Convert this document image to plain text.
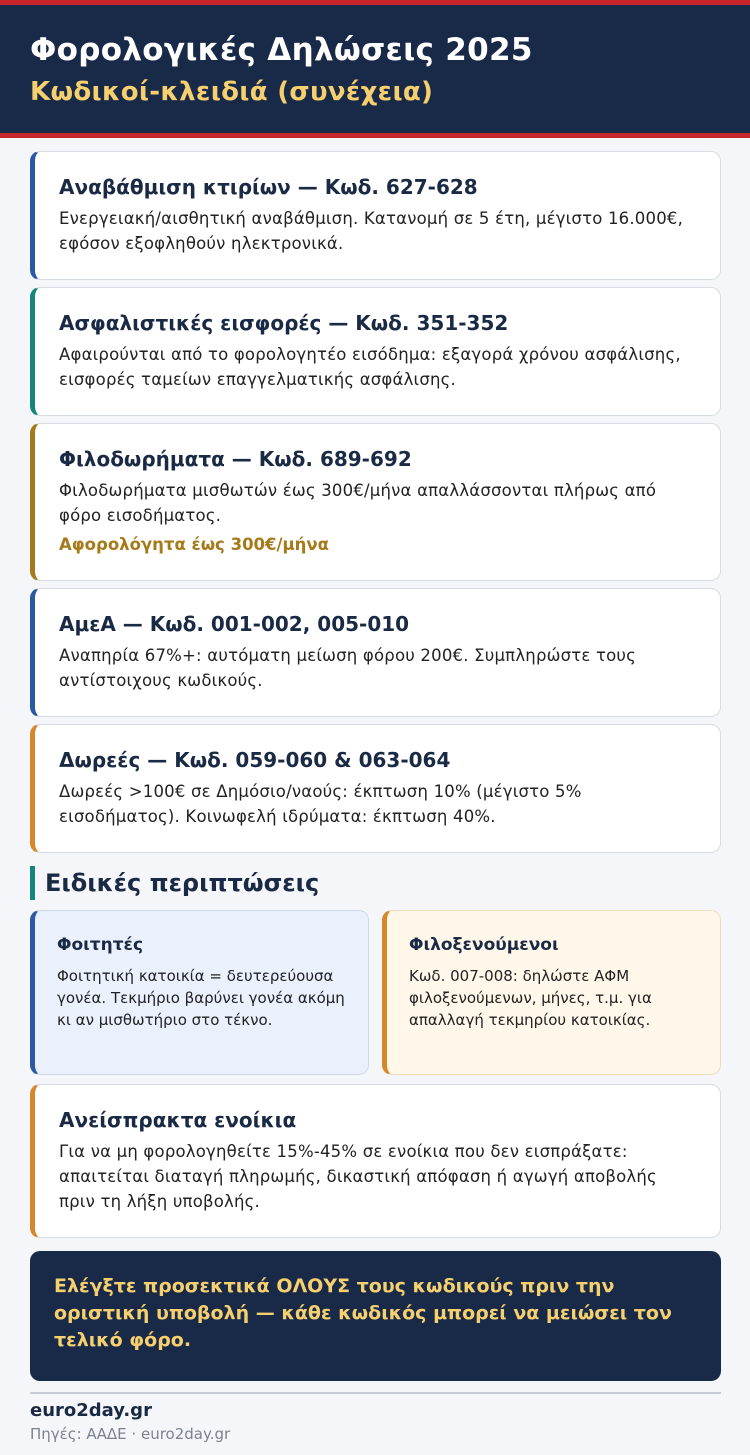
Φορολογικές Δηλώσεις 2025
Κωδικοί-κλειδιά (συνέχεια)
Αναβάθμιση κτιρίων — Κωδ. 627-628
Ενεργειακή/αισθητική αναβάθμιση. Κατανομή σε 5 έτη, μέγιστο 16.000€, εφόσον εξοφληθούν ηλεκτρονικά.
Ασφαλιστικές εισφορές — Κωδ. 351-352
Αφαιρούνται από το φορολογητέο εισόδημα: εξαγορά χρόνου ασφάλισης, εισφορές ταμείων επαγγελματικής ασφάλισης.
Φιλοδωρήματα — Κωδ. 689-692
Φιλοδωρήματα μισθωτών έως 300€/μήνα απαλλάσσονται πλήρως από φόρο εισοδήματος.
Αφορολόγητα έως 300€/μήνα
ΑμεΑ — Κωδ. 001-002, 005-010
Αναπηρία 67%+: αυτόματη μείωση φόρου 200€. Συμπληρώστε τους αντίστοιχους κωδικούς.
Δωρεές — Κωδ. 059-060 & 063-064
Δωρεές >100€ σε Δημόσιο/ναούς: έκπτωση 10% (μέγιστο 5% εισοδήματος). Κοινωφελή ιδρύματα: έκπτωση 40%.
Ειδικές περιπτώσεις
Φοιτητές
Φοιτητική κατοικία = δευτερεύουσα γονέα. Τεκμήριο βαρύνει γονέα ακόμη κι αν μισθωτήριο στο τέκνο.
Φιλοξενούμενοι
Κωδ. 007-008: δηλώστε ΑΦΜ φιλοξενούμενων, μήνες, τ.μ. για απαλλαγή τεκμηρίου κατοικίας.
Ανείσπρακτα ενοίκια
Για να μη φορολογηθείτε 15%-45% σε ενοίκια που δεν εισπράξατε: απαιτείται διαταγή πληρωμής, δικαστική απόφαση ή αγωγή αποβολής πριν τη λήξη υποβολής.
Ελέγξτε προσεκτικά ΟΛΟΥΣ τους κωδικούς πριν την οριστική υποβολή — κάθε κωδικός μπορεί να μειώσει τον τελικό φόρο.
euro2day.gr
Πηγές: ΑΑΔΕ · euro2day.gr
